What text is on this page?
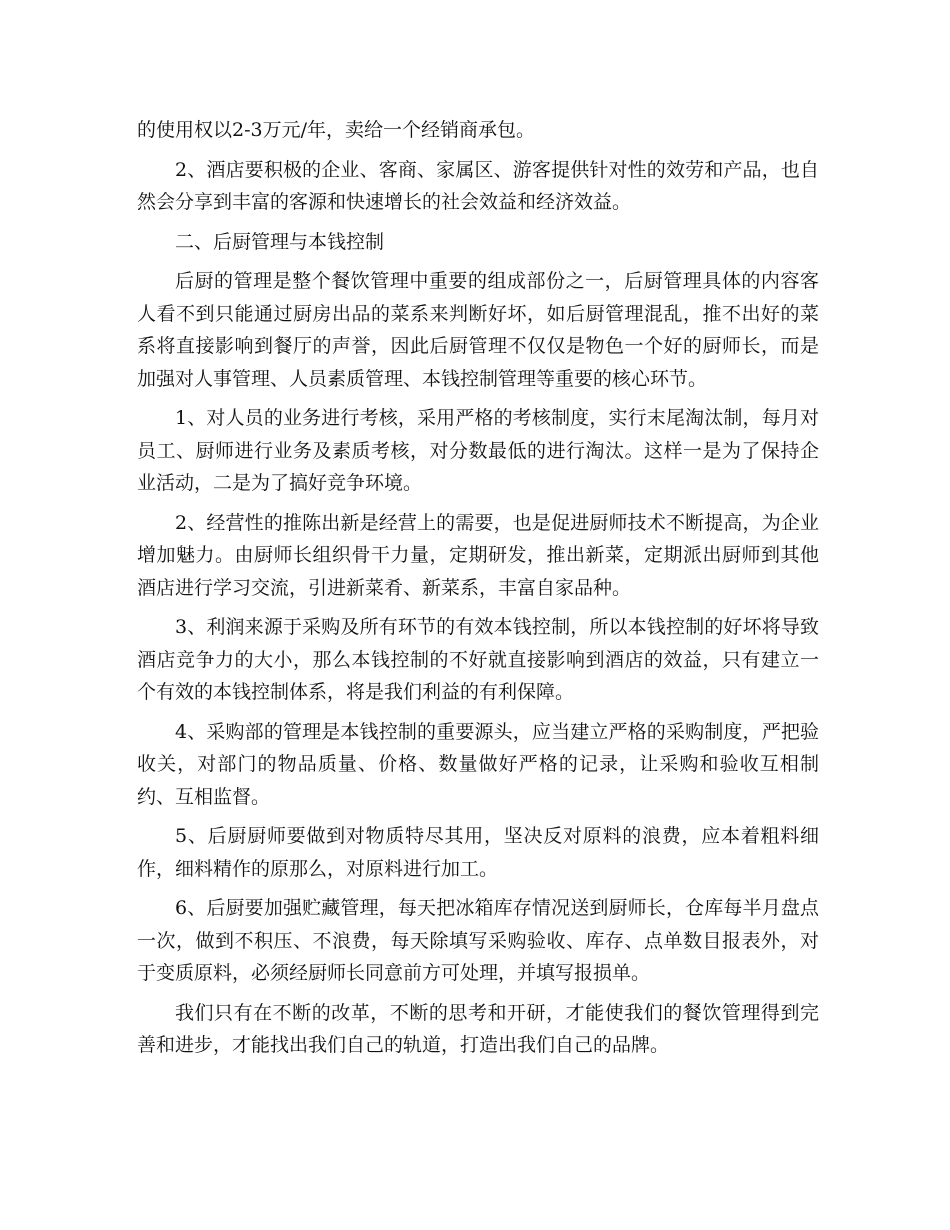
的使用权以2-3万元/年，卖给一个经销商承包。

2、酒店要积极的企业、客商、家属区、游客提供针对性的效劳和产品，也自然会分享到丰富的客源和快速增长的社会效益和经济效益。

二、后厨管理与本钱控制

后厨的管理是整个餐饮管理中重要的组成部份之一，后厨管理具体的内容客人看不到只能通过厨房出品的菜系来判断好坏，如后厨管理混乱，推不出好的菜系将直接影响到餐厅的声誉，因此后厨管理不仅仅是物色一个好的厨师长，而是加强对人事管理、人员素质管理、本钱控制管理等重要的核心环节。

1、对人员的业务进行考核，采用严格的考核制度，实行末尾淘汰制，每月对员工、厨师进行业务及素质考核，对分数最低的进行淘汰。这样一是为了保持企业活动，二是为了搞好竞争环境。

2、经营性的推陈出新是经营上的需要，也是促进厨师技术不断提高，为企业增加魅力。由厨师长组织骨干力量，定期研发，推出新菜，定期派出厨师到其他酒店进行学习交流，引进新菜肴、新菜系，丰富自家品种。

3、利润来源于采购及所有环节的有效本钱控制，所以本钱控制的好坏将导致酒店竞争力的大小，那么本钱控制的不好就直接影响到酒店的效益，只有建立一个有效的本钱控制体系，将是我们利益的有利保障。

4、采购部的管理是本钱控制的重要源头，应当建立严格的采购制度，严把验收关，对部门的物品质量、价格、数量做好严格的记录，让采购和验收互相制约、互相监督。

5、后厨厨师要做到对物质特尽其用，坚决反对原料的浪费，应本着粗料细作，细料精作的原那么，对原料进行加工。

6、后厨要加强贮藏管理，每天把冰箱库存情况送到厨师长，仓库每半月盘点一次，做到不积压、不浪费，每天除填写采购验收、库存、点单数目报表外，对于变质原料，必须经厨师长同意前方可处理，并填写报损单。

我们只有在不断的改革，不断的思考和开研，才能使我们的餐饮管理得到完善和进步，才能找出我们自己的轨道，打造出我们自己的品牌。
